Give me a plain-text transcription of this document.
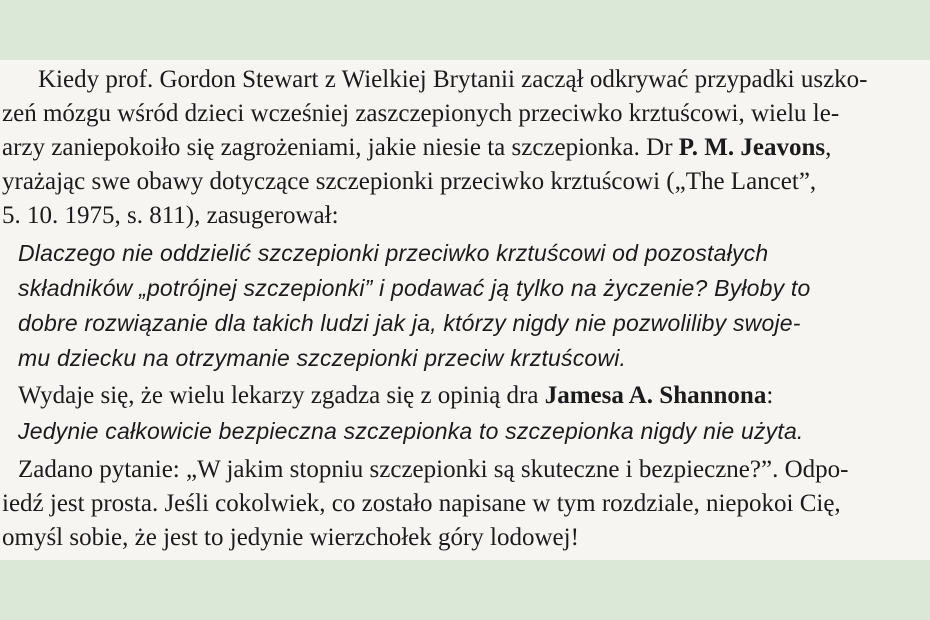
Kiedy prof. Gordon Stewart z Wielkiej Brytanii zaczął odkrywać przypadki uszko-
zeń mózgu wśród dzieci wcześniej zaszczepionych przeciwko krztuścowi, wielu le-
arzy zaniepokoiło się zagrożeniami, jakie niesie ta szczepionka. Dr P. M. Jeavons,
yrażając swe obawy dotyczące szczepionki przeciwko krztuścowi („The Lancet”,
5. 10. 1975, s. 811), zasugerował:
Dlaczego nie oddzielić szczepionki przeciwko krztuścowi od pozostałych
składników „potrójnej szczepionki” i podawać ją tylko na życzenie? Byłoby to
dobre rozwiązanie dla takich ludzi jak ja, którzy nigdy nie pozwoliliby swoje-
mu dziecku na otrzymanie szczepionki przeciw krztuścowi.
Wydaje się, że wielu lekarzy zgadza się z opinią dra Jamesa A. Shannona:
Jedynie całkowicie bezpieczna szczepionka to szczepionka nigdy nie użyta.
Zadano pytanie: „W jakim stopniu szczepionki są skuteczne i bezpieczne?”. Odpo-
iedź jest prosta. Jeśli cokolwiek, co zostało napisane w tym rozdziale, niepokoi Cię,
omyśl sobie, że jest to jedynie wierzchołek góry lodowej!
